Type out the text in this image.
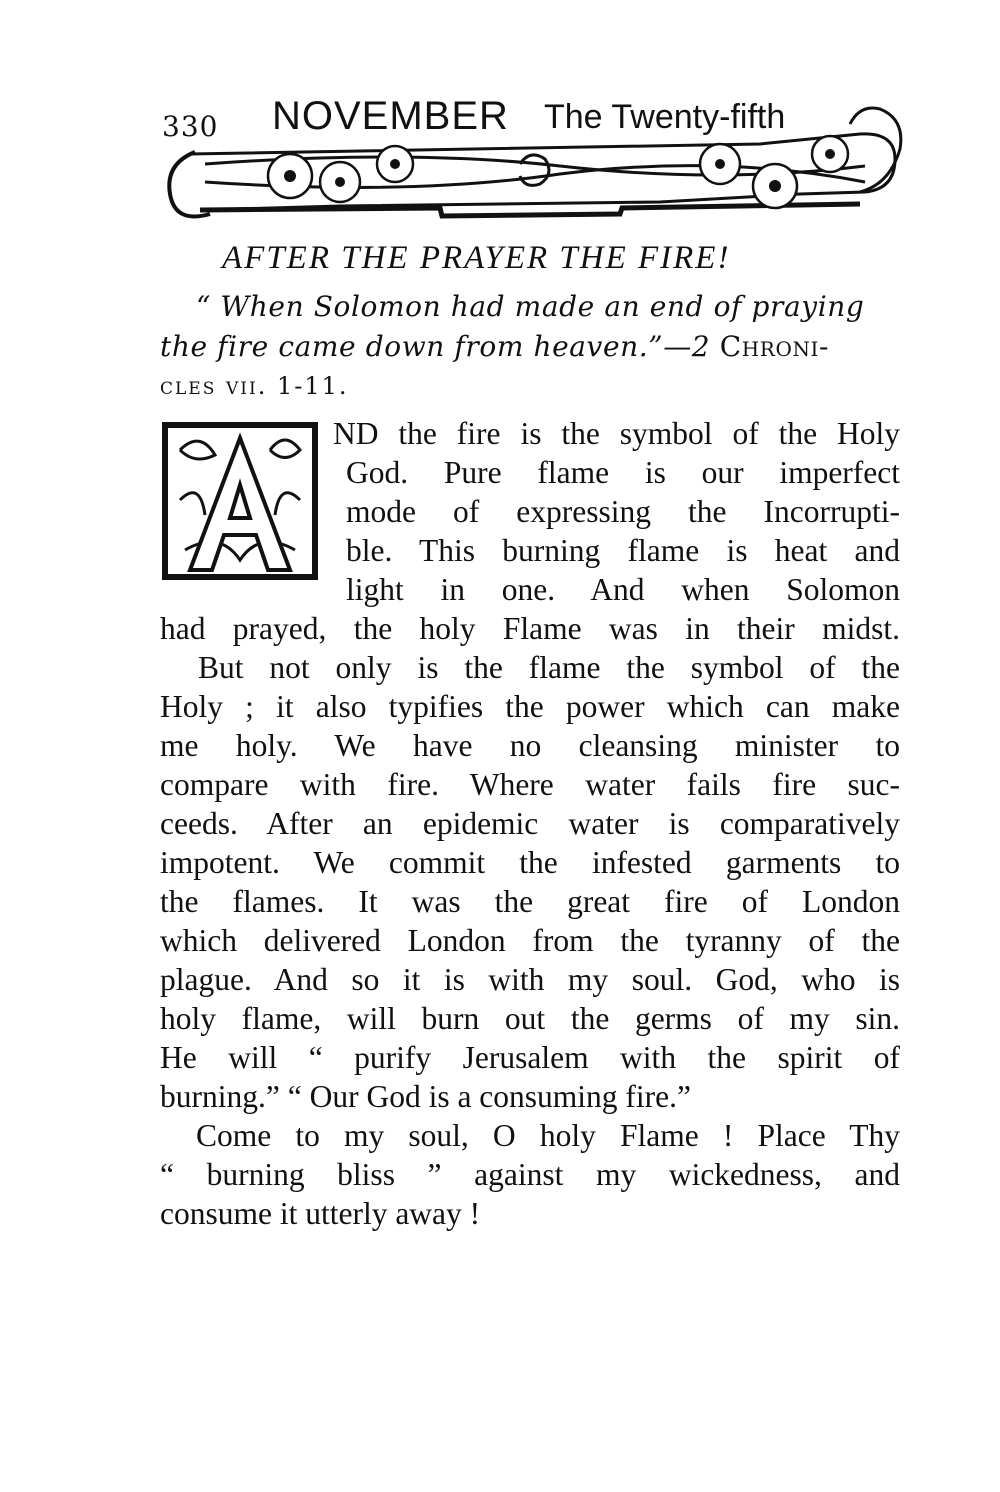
330 NOVEMBER The Twenty-fifth
AFTER THE PRAYER THE FIRE!
“ When Solomon had made an end of praying
the fire came down from heaven.”—2 Chroni-
cles vii. 1-11.
ND the fire is the symbol of the Holy
God. Pure flame is our imperfect
mode of expressing the Incorrupti-
ble. This burning flame is heat and
light in one. And when Solomon
had prayed, the holy Flame was in their midst.
But not only is the flame the symbol of the
Holy ; it also typifies the power which can make
me holy. We have no cleansing minister to
compare with fire. Where water fails fire suc-
ceeds. After an epidemic water is comparatively
impotent. We commit the infested garments to
the flames. It was the great fire of London
which delivered London from the tyranny of the
plague. And so it is with my soul. God, who is
holy flame, will burn out the germs of my sin.
He will “ purify Jerusalem with the spirit of
burning.” “ Our God is a consuming fire.”
Come to my soul, O holy Flame ! Place Thy
“ burning bliss ” against my wickedness, and
consume it utterly away !
